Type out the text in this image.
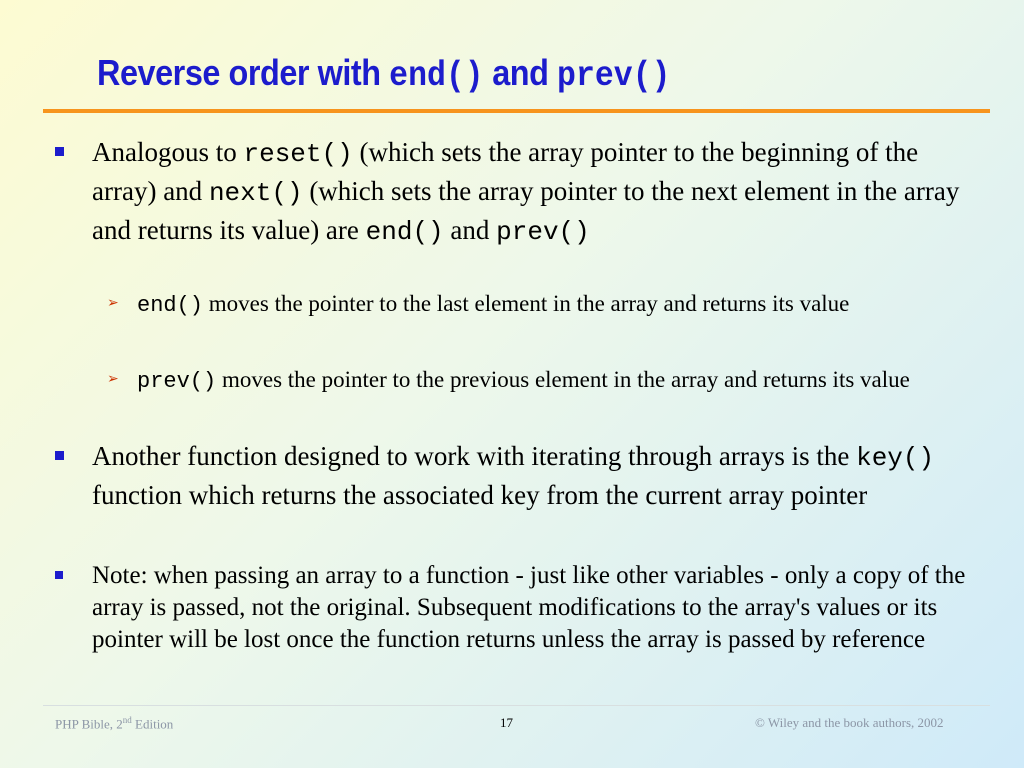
Reverse order with end() and prev()
Analogous to reset() (which sets the array pointer to the beginning of the array) and next() (which sets the array pointer to the next element in the array and returns its value) are end() and prev()
➢ end() moves the pointer to the last element in the array and returns its value
➢ prev() moves the pointer to the previous element in the array and returns its value
Another function designed to work with iterating through arrays is the key() function which returns the associated key from the current array pointer
Note: when passing an array to a function - just like other variables - only a copy of the array is passed, not the original. Subsequent modifications to the array's values or its pointer will be lost once the function returns unless the array is passed by reference
PHP Bible, 2nd Edition	17	© Wiley and the book authors, 2002
